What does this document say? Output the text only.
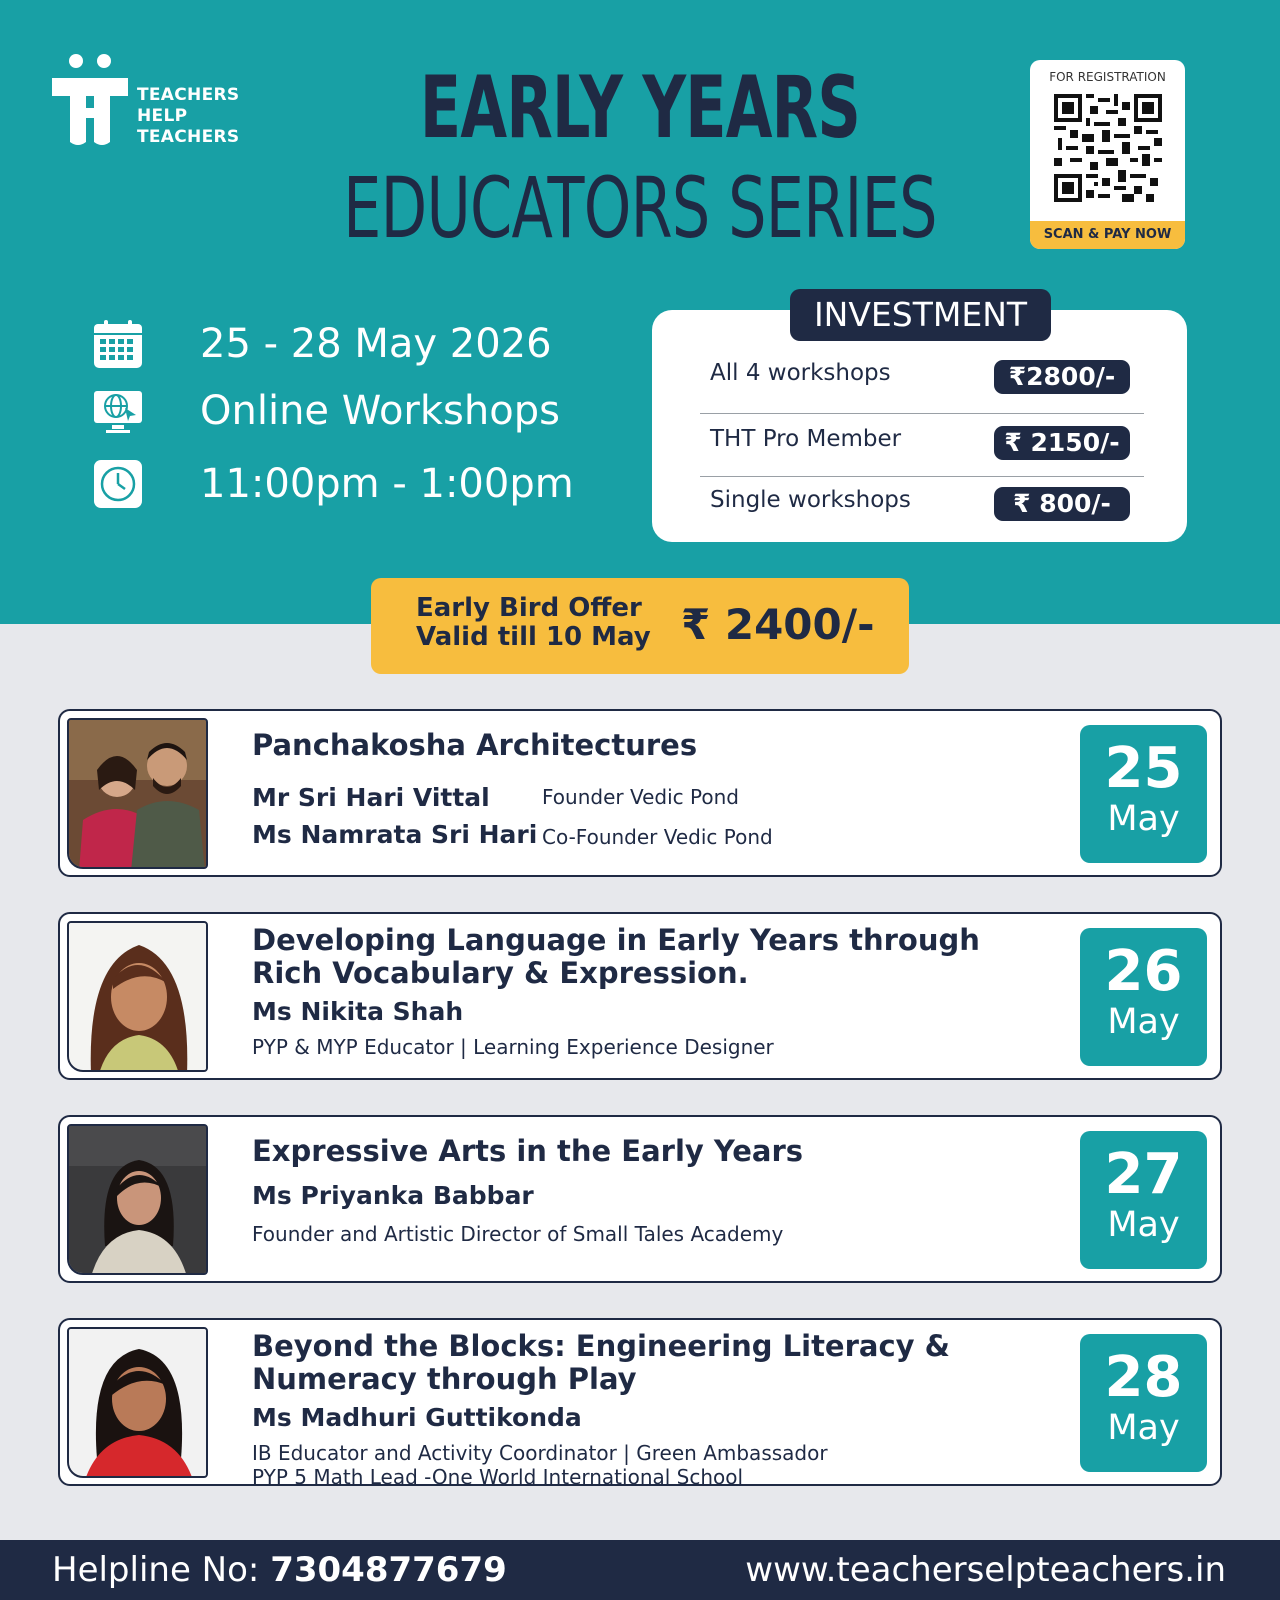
TEACHERS
HELP
TEACHERS	EARLY YEARS
EDUCATORS SERIES
FOR REGISTRATION
SCAN & PAY NOW
25 - 28 May 2026
Online Workshops
11:00pm - 1:00pm
All 4 workshops	₹2800/-
THT Pro Member	₹ 2150/-
Single workshops	₹ 800/-
INVESTMENT
Early Bird Offer
Valid till 10 May ₹ 2400/-
Panchakosha Architectures
Mr Sri Hari Vittal	Founder Vedic Pond
Ms Namrata Sri Hari Co-Founder Vedic Pond
25
May
Developing Language in Early Years through
Rich Vocabulary & Expression.
Ms Nikita Shah
PYP & MYP Educator | Learning Experience Designer
26
May
Expressive Arts in the Early Years
Ms Priyanka Babbar
Founder and Artistic Director of Small Tales Academy
27
May
Beyond the Blocks: Engineering Literacy &
Numeracy through Play
Ms Madhuri Guttikonda
IB Educator and Activity Coordinator | Green Ambassador
PYP 5 Math Lead -One World International School
28
May
Helpline No: 7304877679	www.teacherselpteachers.in
